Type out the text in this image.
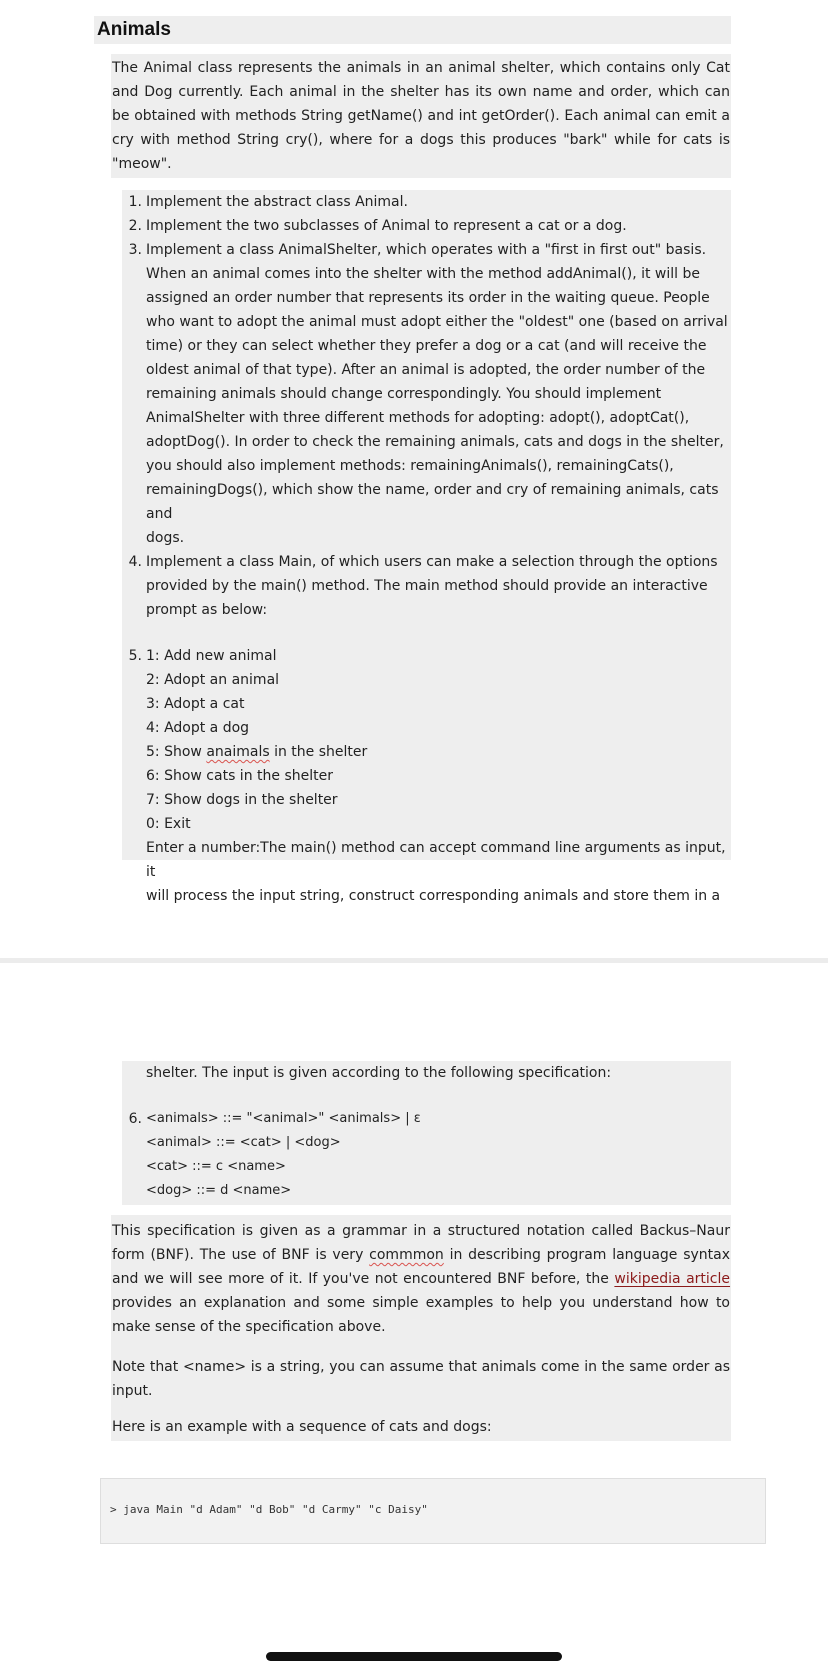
Animals

The Animal class represents the animals in an animal shelter, which contains only Cat and Dog currently. Each animal in the shelter has its own name and order, which can be obtained with methods String getName() and int getOrder(). Each animal can emit a cry with method String cry(), where for a dogs this produces "bark" while for cats is "meow".

1. Implement the abstract class Animal.
2. Implement the two subclasses of Animal to represent a cat or a dog.
3. Implement a class AnimalShelter, which operates with a "first in first out" basis.
When an animal comes into the shelter with the method addAnimal(), it will be
assigned an order number that represents its order in the waiting queue. People
who want to adopt the animal must adopt either the "oldest" one (based on arrival
time) or they can select whether they prefer a dog or a cat (and will receive the
oldest animal of that type). After an animal is adopted, the order number of the
remaining animals should change correspondingly. You should implement
AnimalShelter with three different methods for adopting: adopt(), adoptCat(),
adoptDog(). In order to check the remaining animals, cats and dogs in the shelter,
you should also implement methods: remainingAnimals(), remainingCats(),
remainingDogs(), which show the name, order and cry of remaining animals, cats and
dogs.
4. Implement a class Main, of which users can make a selection through the options
provided by the main() method. The main method should provide an interactive
prompt as below:
5. 1: Add new animal
2: Adopt an animal
3: Adopt a cat
4: Adopt a dog
5: Show anaimals in the shelter
6: Show cats in the shelter
7: Show dogs in the shelter
0: Exit
Enter a number:The main() method can accept command line arguments as input, it
will process the input string, construct corresponding animals and store them in a
shelter. The input is given according to the following specification:
6. <animals> ::= "<animal>" <animals> | ε
<animal> ::= <cat> | <dog>
<cat> ::= c <name>
<dog> ::= d <name>

This specification is given as a grammar in a structured notation called Backus–Naur form (BNF). The use of BNF is very commmon in describing program language syntax and we will see more of it. If you've not encountered BNF before, the wikipedia article provides an explanation and some simple examples to help you understand how to make sense of the specification above.

Note that <name> is a string, you can assume that animals come in the same order as input.

Here is an example with a sequence of cats and dogs:

> java Main "d Adam" "d Bob" "d Carmy" "c Daisy"
